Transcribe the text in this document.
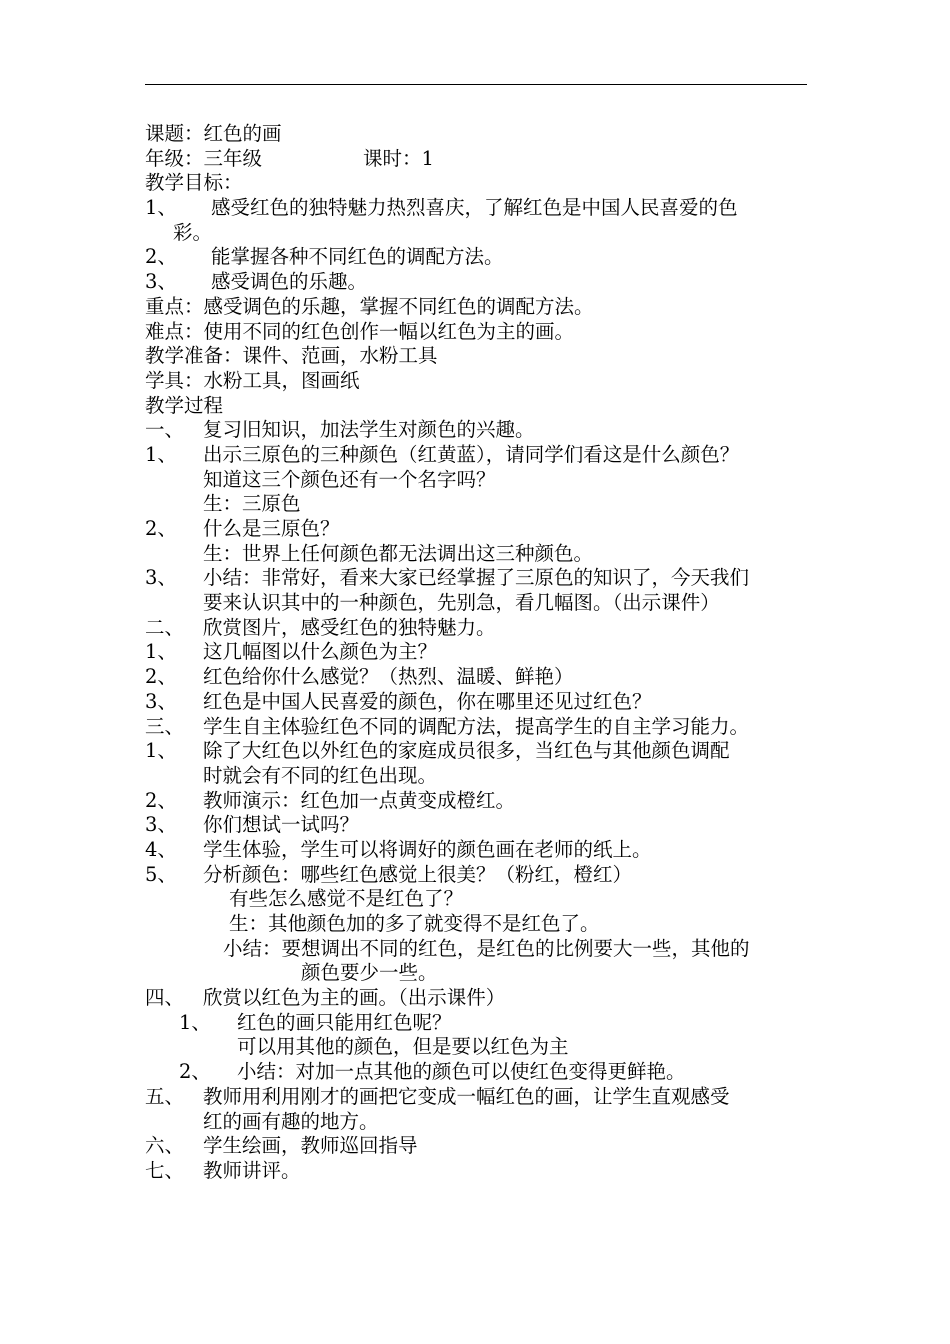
课题：红色的画
年级：三年级	课时：1
教学目标：
1、 感受红色的独特魅力热烈喜庆，了解红色是中国人民喜爱的色
彩。
2、 能掌握各种不同红色的调配方法。
3、 感受调色的乐趣。
重点：感受调色的乐趣，掌握不同红色的调配方法。
难点：使用不同的红色创作一幅以红色为主的画。
教学准备：课件、范画，水粉工具
学具：水粉工具，图画纸
教学过程
一、 复习旧知识，加法学生对颜色的兴趣。
1、 出示三原色的三种颜色（红黄蓝），请同学们看这是什么颜色？
知道这三个颜色还有一个名字吗？
生：三原色
2、 什么是三原色？
生：世界上任何颜色都无法调出这三种颜色。
3、 小结：非常好，看来大家已经掌握了三原色的知识了，今天我们
要来认识其中的一种颜色，先别急，看几幅图。（出示课件）
二、 欣赏图片，感受红色的独特魅力。
1、 这几幅图以什么颜色为主？
2、 红色给你什么感觉？（热烈、温暖、鲜艳）
3、 红色是中国人民喜爱的颜色，你在哪里还见过红色？
三、 学生自主体验红色不同的调配方法，提高学生的自主学习能力。
1、 除了大红色以外红色的家庭成员很多，当红色与其他颜色调配
时就会有不同的红色出现。
2、 教师演示：红色加一点黄变成橙红。
3、 你们想试一试吗？
4、 学生体验，学生可以将调好的颜色画在老师的纸上。
5、 分析颜色：哪些红色感觉上很美？（粉红，橙红）
有些怎么感觉不是红色了？
生：其他颜色加的多了就变得不是红色了。
小结：要想调出不同的红色，是红色的比例要大一些，其他的
颜色要少一些。
四、 欣赏以红色为主的画。（出示课件）
1、 红色的画只能用红色呢？
可以用其他的颜色，但是要以红色为主
2、 小结：对加一点其他的颜色可以使红色变得更鲜艳。
五、 教师用利用刚才的画把它变成一幅红色的画，让学生直观感受
红的画有趣的地方。
六、 学生绘画，教师巡回指导
七、 教师讲评。
